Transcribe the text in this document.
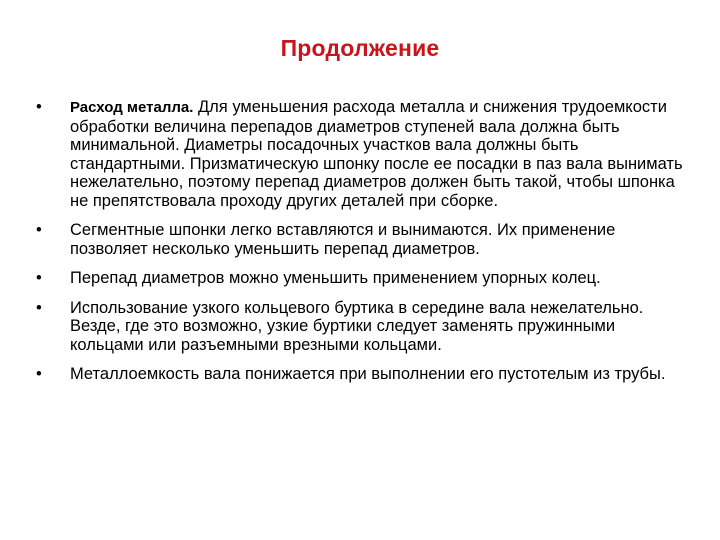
Продолжение
•	Расход металла. Для уменьшения расхода металла и снижения трудоемкости обработки величина перепадов диаметров ступеней вала должна быть минимальной. Диаметры посадочных участков вала должны быть стандартными. Призматическую шпонку после ее посадки в паз вала вынимать нежелательно, поэтому перепад диаметров должен быть такой, чтобы шпонка не препятствовала проходу других деталей при сборке.
•	Сегментные шпонки легко вставляются и вынимаются. Их применение позволяет несколько уменьшить перепад диаметров.
•	Перепад диаметров можно уменьшить применением упорных колец.
•	Использование узкого кольцевого буртика в середине вала нежелательно. Везде, где это возможно, узкие буртики следует заменять пружинными кольцами или разъемными врезными кольцами.
•	Металлоемкость вала понижается при выполнении его пустотелым из трубы.
